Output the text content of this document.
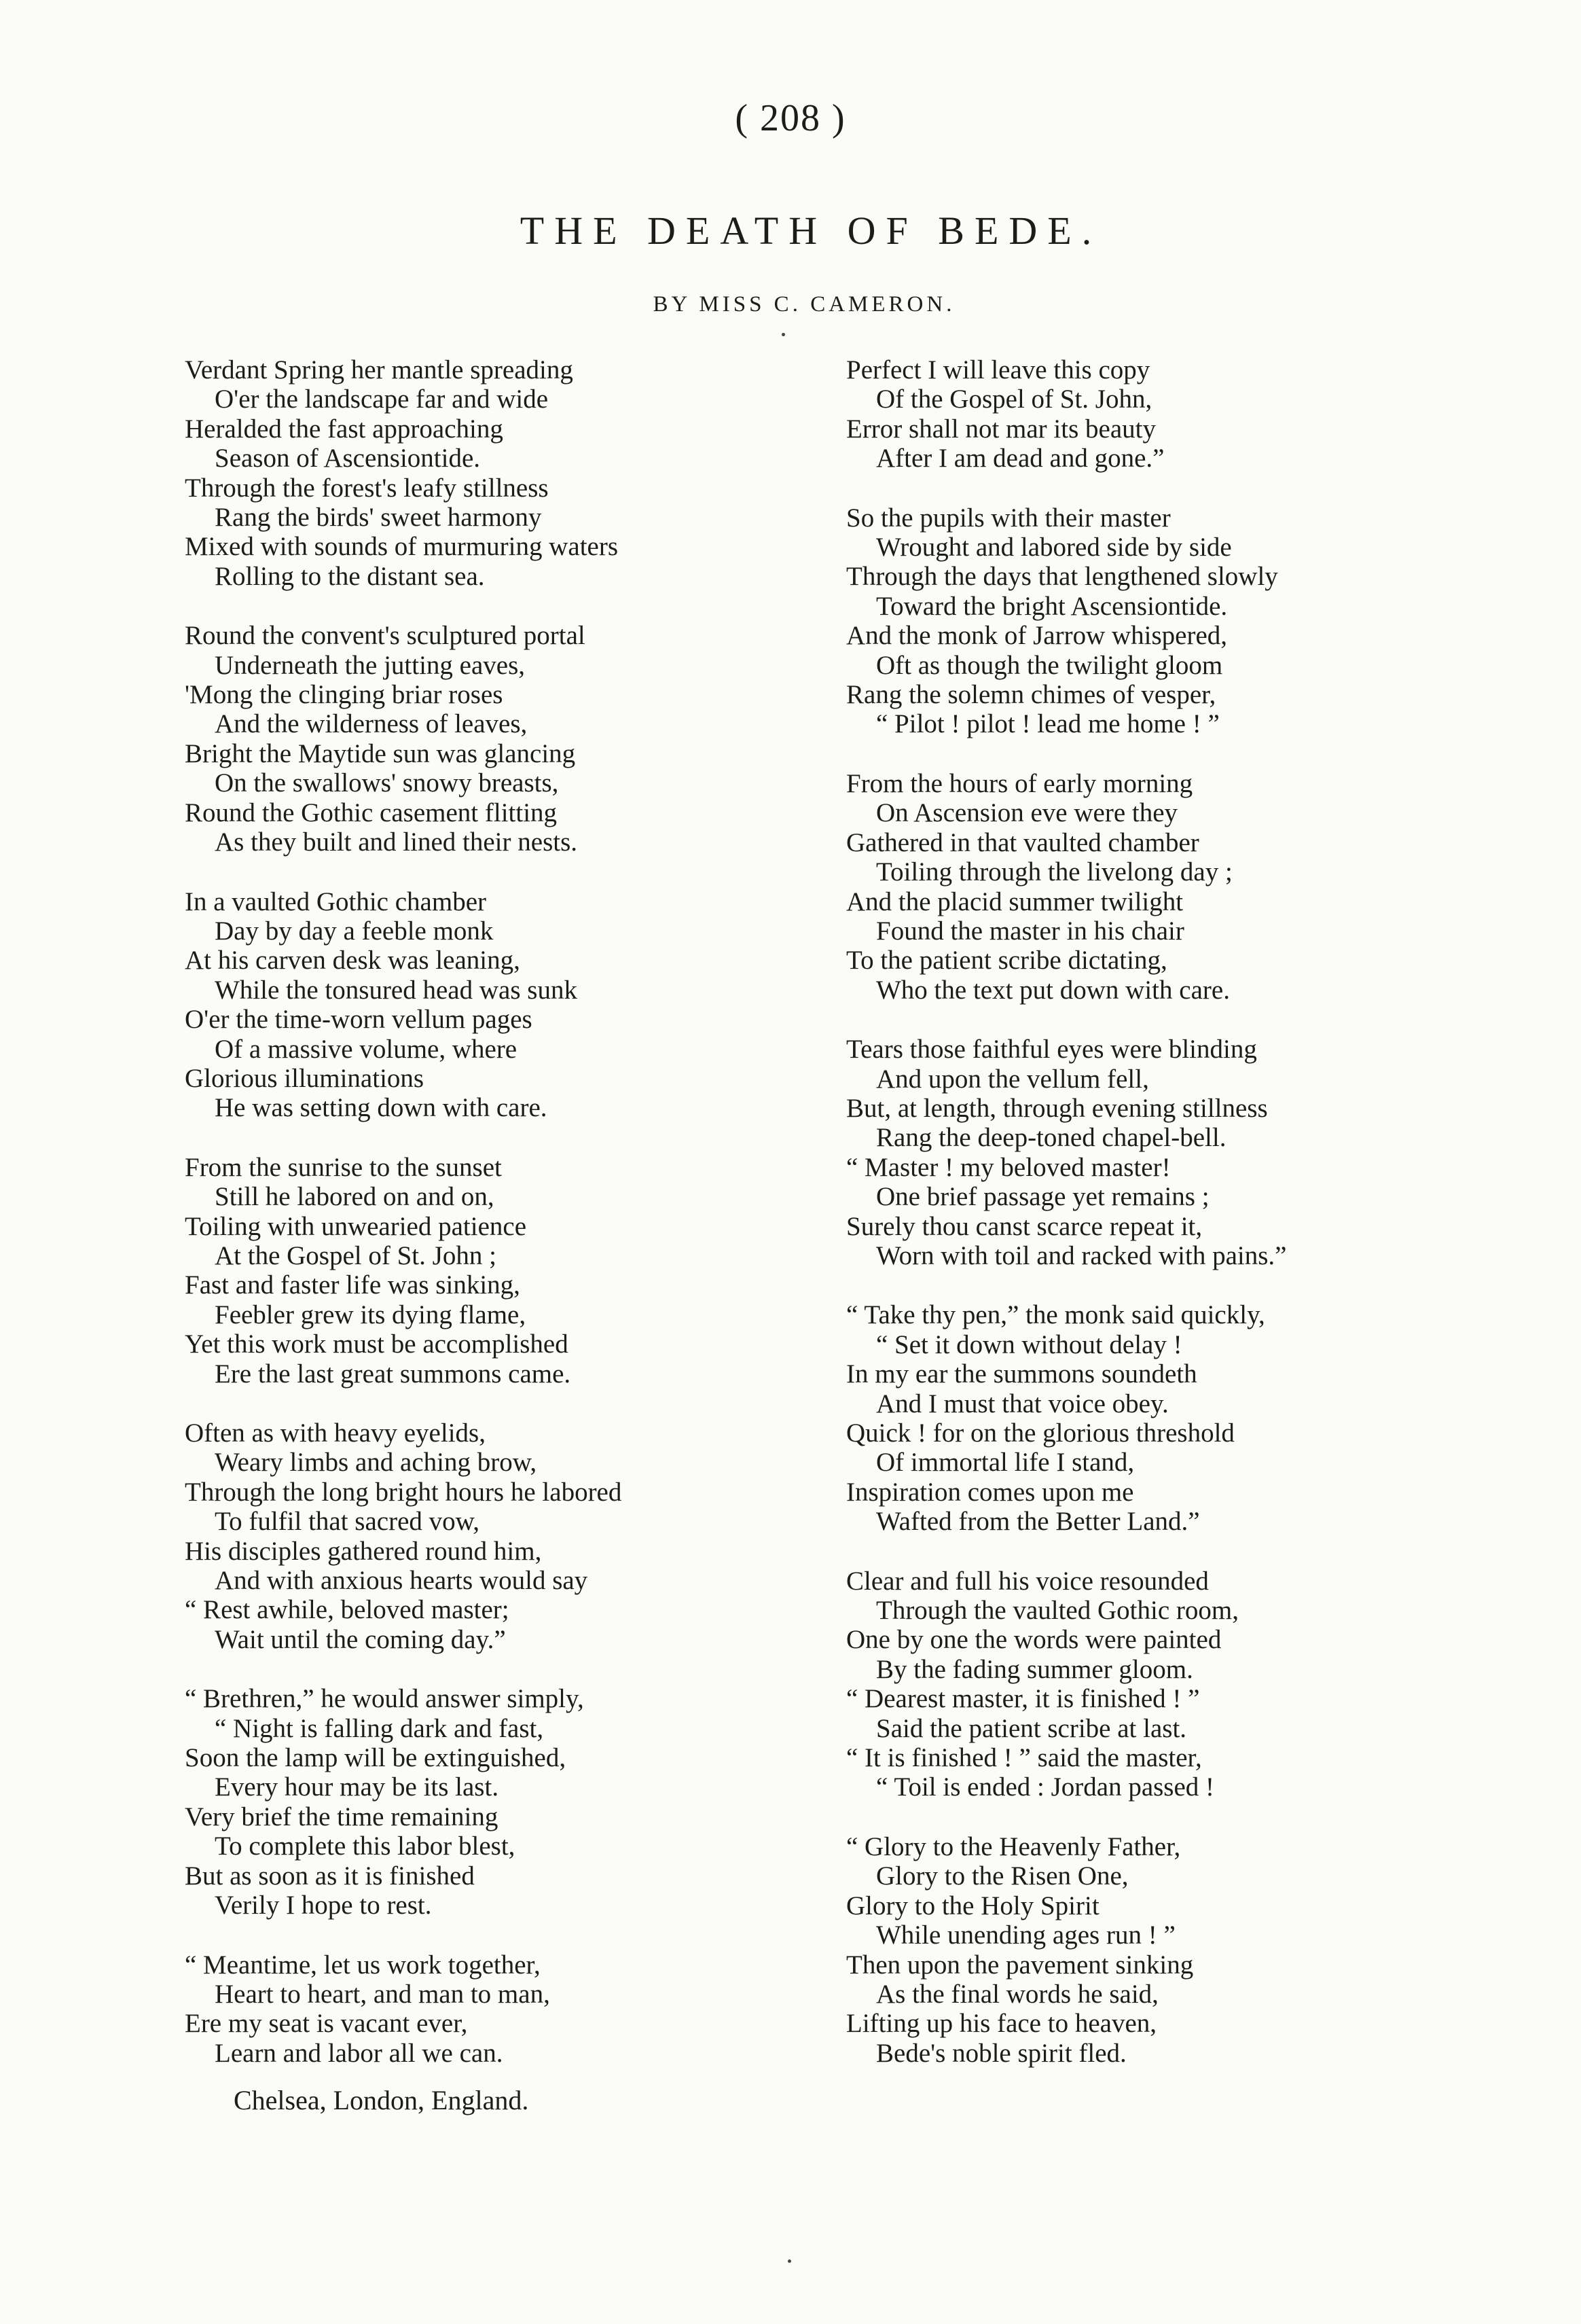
( 208 )
THE DEATH OF BEDE.
BY MISS C. CAMERON.
Verdant Spring her mantle spreading
O'er the landscape far and wide
Heralded the fast approaching
Season of Ascensiontide.
Through the forest's leafy stillness
Rang the birds' sweet harmony
Mixed with sounds of murmuring waters
Rolling to the distant sea.
Round the convent's sculptured portal
Underneath the jutting eaves,
'Mong the clinging briar roses
And the wilderness of leaves,
Bright the Maytide sun was glancing
On the swallows' snowy breasts,
Round the Gothic casement flitting
As they built and lined their nests.
In a vaulted Gothic chamber
Day by day a feeble monk
At his carven desk was leaning,
While the tonsured head was sunk
O'er the time-worn vellum pages
Of a massive volume, where
Glorious illuminations
He was setting down with care.
From the sunrise to the sunset
Still he labored on and on,
Toiling with unwearied patience
At the Gospel of St. John ;
Fast and faster life was sinking,
Feebler grew its dying flame,
Yet this work must be accomplished
Ere the last great summons came.
Often as with heavy eyelids,
Weary limbs and aching brow,
Through the long bright hours he labored
To fulfil that sacred vow,
His disciples gathered round him,
And with anxious hearts would say
“ Rest awhile, beloved master;
Wait until the coming day.”
“ Brethren,” he would answer simply,
“ Night is falling dark and fast,
Soon the lamp will be extinguished,
Every hour may be its last.
Very brief the time remaining
To complete this labor blest,
But as soon as it is finished
Verily I hope to rest.
“ Meantime, let us work together,
Heart to heart, and man to man,
Ere my seat is vacant ever,
Learn and labor all we can.
Chelsea, London, England.
Perfect I will leave this copy
Of the Gospel of St. John,
Error shall not mar its beauty
After I am dead and gone.”
So the pupils with their master
Wrought and labored side by side
Through the days that lengthened slowly
Toward the bright Ascensiontide.
And the monk of Jarrow whispered,
Oft as though the twilight gloom
Rang the solemn chimes of vesper,
“ Pilot ! pilot ! lead me home ! ”
From the hours of early morning
On Ascension eve were they
Gathered in that vaulted chamber
Toiling through the livelong day ;
And the placid summer twilight
Found the master in his chair
To the patient scribe dictating,
Who the text put down with care.
Tears those faithful eyes were blinding
And upon the vellum fell,
But, at length, through evening stillness
Rang the deep-toned chapel-bell.
“ Master ! my beloved master!
One brief passage yet remains ;
Surely thou canst scarce repeat it,
Worn with toil and racked with pains.”
“ Take thy pen,” the monk said quickly,
“ Set it down without delay !
In my ear the summons soundeth
And I must that voice obey.
Quick ! for on the glorious threshold
Of immortal life I stand,
Inspiration comes upon me
Wafted from the Better Land.”
Clear and full his voice resounded
Through the vaulted Gothic room,
One by one the words were painted
By the fading summer gloom.
“ Dearest master, it is finished ! ”
Said the patient scribe at last.
“ It is finished ! ” said the master,
“ Toil is ended : Jordan passed !
“ Glory to the Heavenly Father,
Glory to the Risen One,
Glory to the Holy Spirit
While unending ages run ! ”
Then upon the pavement sinking
As the final words he said,
Lifting up his face to heaven,
Bede's noble spirit fled.
